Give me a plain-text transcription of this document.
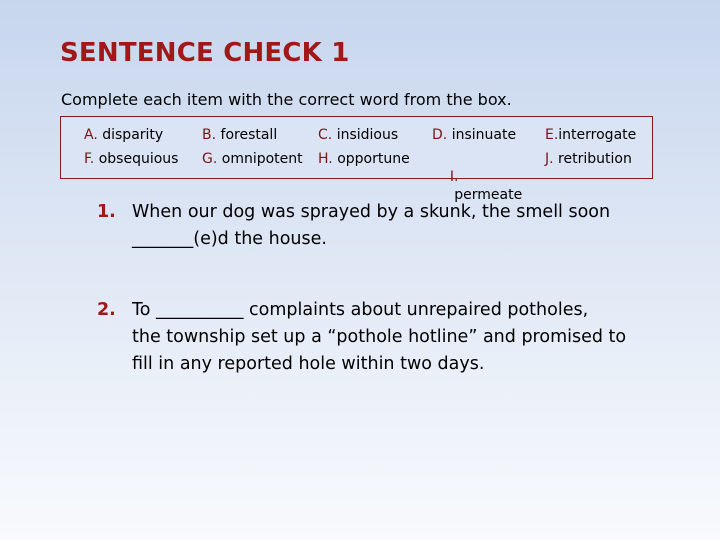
SENTENCE CHECK 1
Complete each item with the correct word from the box.
A. disparity	B. forestall	C. insidious D. insinuate E.interrogate
F. obsequious G. omnipotent H. opportune

I.
permeate

J. retribution
1. When our dog was sprayed by a skunk, the smell soon
_______(e)d the house.
2. To __________ complaints about unrepaired potholes,
the township set up a “pothole hotline” and promised to
fill in any reported hole within two days.
